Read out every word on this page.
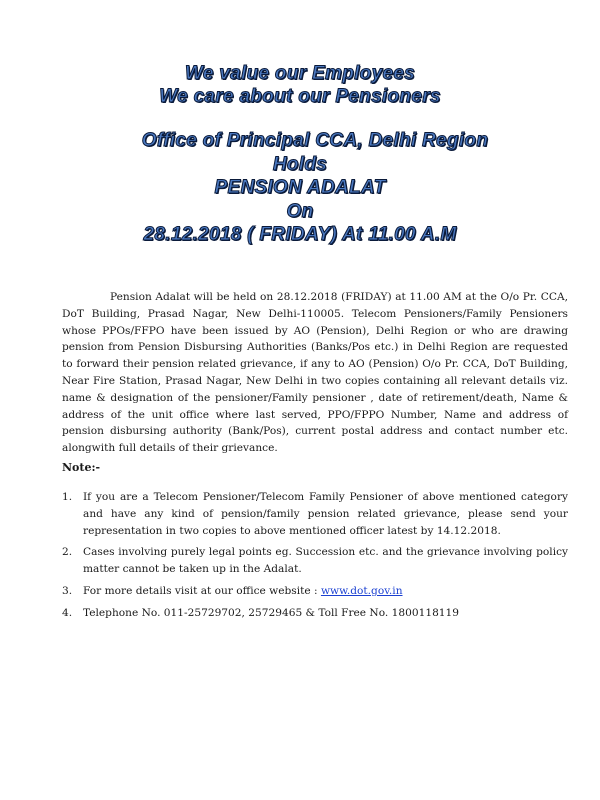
We value our Employees
We care about our Pensioners
Office of Principal CCA, Delhi Region
Holds
PENSION ADALAT
On
28.12.2018 ( FRIDAY) At 11.00 A.M

Pension Adalat will be held on 28.12.2018 (FRIDAY) at 11.00 AM at the O/o Pr. CCA, DoT Building, Prasad Nagar, New Delhi-110005. Telecom Pensioners/Family Pensioners whose PPOs/FFPO have been issued by AO (Pension), Delhi Region or who are drawing pension from Pension Disbursing Authorities (Banks/Pos etc.) in Delhi Region are requested to forward their pension related grievance, if any to AO (Pension) O/o Pr. CCA, DoT Building, Near Fire Station, Prasad Nagar, New Delhi in two copies containing all relevant details viz. name & designation of the pensioner/Family pensioner , date of retirement/death, Name & address of the unit office where last served, PPO/FPPO Number, Name and address of pension disbursing authority (Bank/Pos), current postal address and contact number etc. alongwith full details of their grievance.

Note:-

1. If you are a Telecom Pensioner/Telecom Family Pensioner of above mentioned category and have any kind of pension/family pension related grievance, please send your representation in two copies to above mentioned officer latest by 14.12.2018.
2. Cases involving purely legal points eg. Succession etc. and the grievance involving policy matter cannot be taken up in the Adalat.
3. For more details visit at our office website : www.dot.gov.in
4. Telephone No. 011-25729702, 25729465 & Toll Free No. 1800118119
